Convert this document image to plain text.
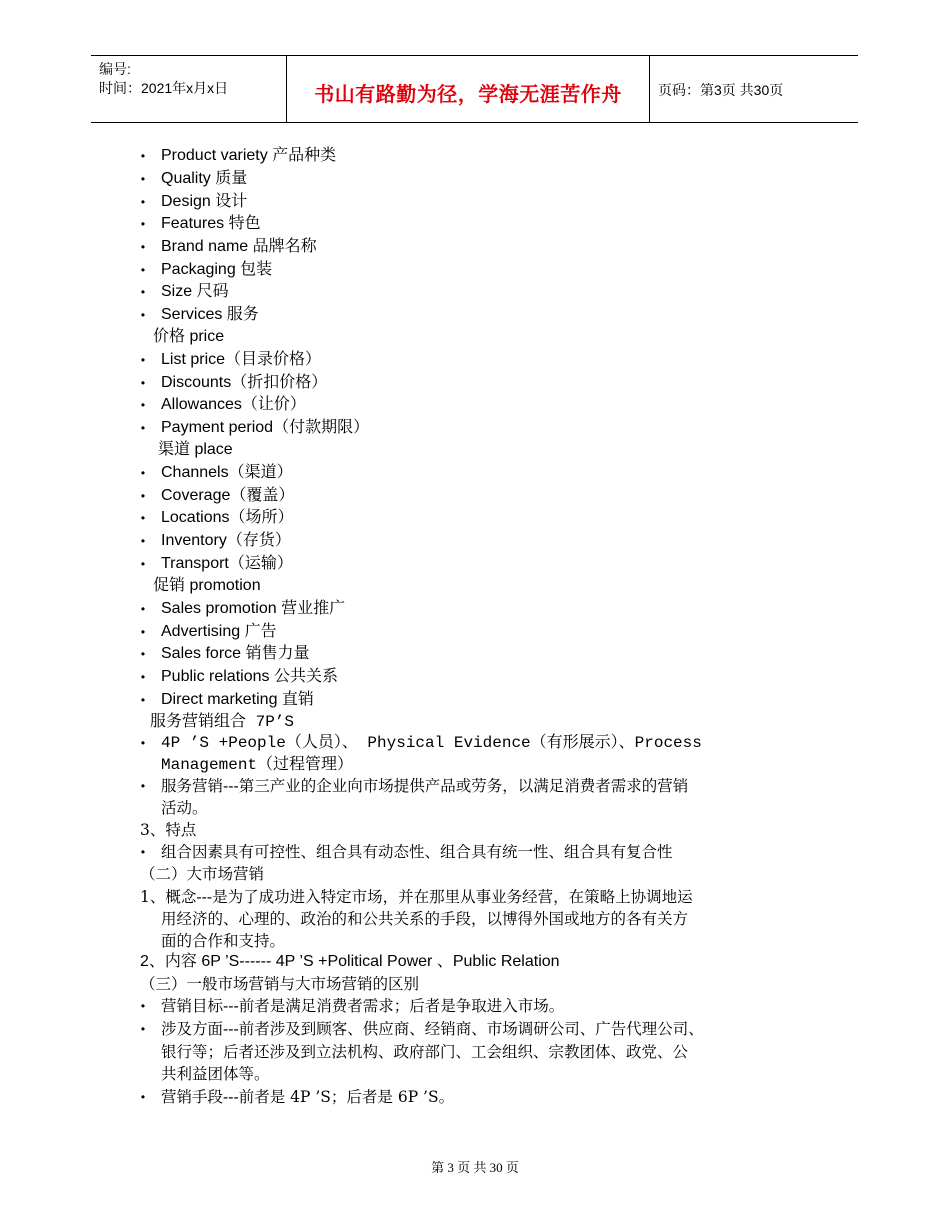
编号:
时间：2021年x月x日	书山有路勤为径，学海无涯苦作舟	页码：第3页 共30页
• Product variety 产品种类
• Quality 质量
• Design 设计
• Features 特色
• Brand name 品牌名称
• Packaging 包装
• Size 尺码
• Services 服务
价格 price
• List price（目录价格）
• Discounts（折扣价格）
• Allowances（让价）
• Payment period（付款期限）
渠道 place
• Channels（渠道）
• Coverage（覆盖）
• Locations（场所）
• Inventory（存货）
• Transport（运输）
促销 promotion
• Sales promotion 营业推广
• Advertising 广告
• Sales force 销售力量
• Public relations 公共关系
• Direct marketing 直销
服务营销组合 7P’S
• 4P ’S +People（人员）、 Physical Evidence（有形展示）、Process
Management（过程管理）
• 服务营销---第三产业的企业向市场提供产品或劳务，以满足消费者需求的营销
活动。
3、特点
• 组合因素具有可控性、组合具有动态性、组合具有统一性、组合具有复合性
（二）大市场营销
1、概念---是为了成功进入特定市场，并在那里从事业务经营，在策略上协调地运
用经济的、心理的、政治的和公共关系的手段，以博得外国或地方的各有关方
面的合作和支持。
2、内容 6P ’S------ 4P ’S +Political Power 、Public Relation
（三）一般市场营销与大市场营销的区别
• 营销目标---前者是满足消费者需求；后者是争取进入市场。
• 涉及方面---前者涉及到顾客、供应商、经销商、市场调研公司、广告代理公司、
银行等；后者还涉及到立法机构、政府部门、工会组织、宗教团体、政党、公
共利益团体等。
• 营销手段---前者是 4P ’S；后者是 6P ’S。
第 3 页 共 30 页
